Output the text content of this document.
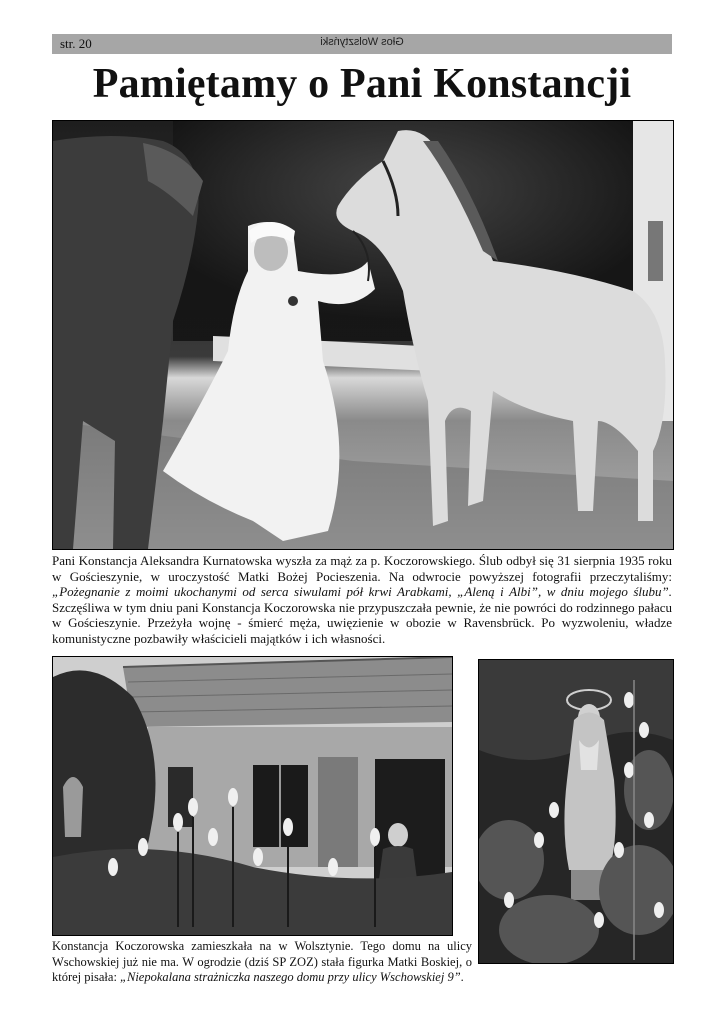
str. 20	Głos Wolsztyński
Pamiętamy o Pani Konstancji

Pani Konstancja Aleksandra Kurnatowska wyszła za mąż za p. Koczorowskiego. Ślub odbył się 31 sierpnia 1935 roku w Gościeszynie, w uroczystość Matki Bożej Pocieszenia. Na odwrocie powyższej fotografii przeczytaliśmy: „Pożegnanie z moimi ukochanymi od serca siwulami pół krwi Arabkami, „Aleną i Albi”, w dniu mojego ślubu”. Szczęśliwa w tym dniu pani Konstancja Koczorowska nie przypuszczała pewnie, że nie powróci do rodzinnego pałacu w Gościeszynie. Przeżyła wojnę - śmierć męża, uwięzienie w obozie w Ravensbrück. Po wyzwoleniu, władze komunistyczne pozbawiły właścicieli majątków i ich własności.

Konstancja Koczorowska zamieszkała na w Wolsztynie. Tego domu na ulicy Wschowskiej już nie ma. W ogrodzie (dziś SP ZOZ) stała figurka Matki Boskiej, o której pisała: „Niepokalana strażniczka naszego domu przy ulicy Wschowskiej 9”.
